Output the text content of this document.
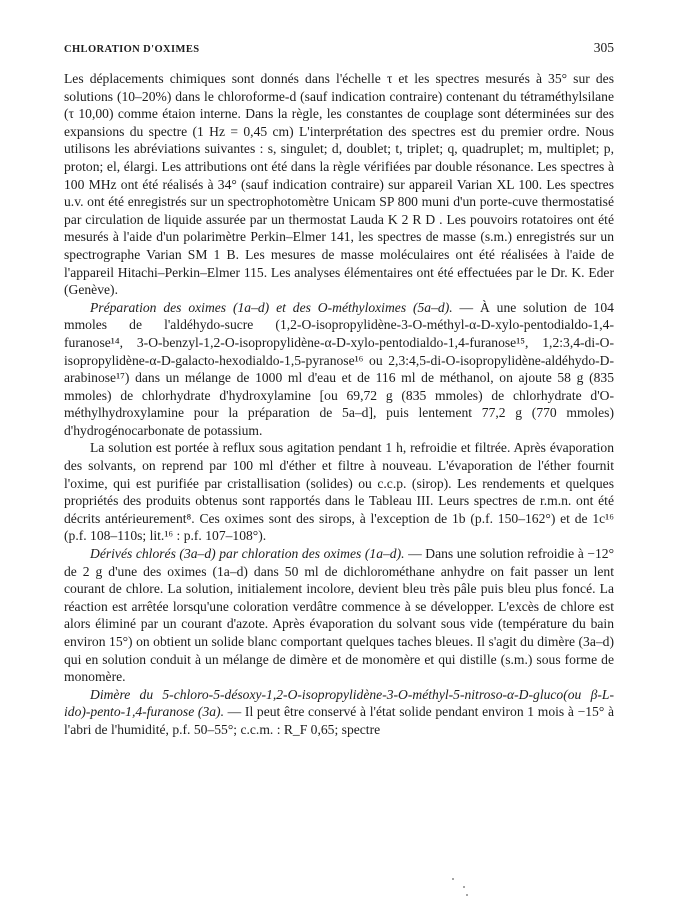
CHLORATION D'OXIMES	305

Les déplacements chimiques sont donnés dans l'échelle τ et les spectres mesurés à 35° sur des solutions (10–20%) dans le chloroforme-d (sauf indication contraire) contenant du tétraméthylsilane (τ 10,00) comme étaion interne. Dans la règle, les constantes de couplage sont déterminées sur des expansions du spectre (1 Hz = 0,45 cm) L'interprétation des spectres est du premier ordre. Nous utilisons les abréviations suivantes : s, singulet; d, doublet; t, triplet; q, quadruplet; m, multiplet; p, proton; el, élargi. Les attributions ont été dans la règle vérifiées par double résonance. Les spectres à 100 MHz ont été réalisés à 34° (sauf indication contraire) sur appareil Varian XL 100. Les spectres u.v. ont été enregistrés sur un spectrophotomètre Unicam SP 800 muni d'un porte-cuve thermostatisé par circulation de liquide assurée par un thermostat Lauda K 2 R D . Les pouvoirs rotatoires ont été mesurés à l'aide d'un polarimètre Perkin–Elmer 141, les spectres de masse (s.m.) enregistrés sur un spectrographe Varian SM 1 B. Les mesures de masse moléculaires ont été réalisées à l'aide de l'appareil Hitachi–Perkin–Elmer 115. Les analyses élémentaires ont été effectuées par le Dr. K. Eder (Genève).

Préparation des oximes (1a–d) et des O-méthyloximes (5a–d). — À une solution de 104 mmoles de l'aldéhydo-sucre (1,2-O-isopropylidène-3-O-méthyl-α-D-xylo-pentodialdo-1,4-furanose¹⁴, 3-O-benzyl-1,2-O-isopropylidène-α-D-xylo-pentodialdo-1,4-furanose¹⁵, 1,2:3,4-di-O-isopropylidène-α-D-galacto-hexodialdo-1,5-pyranose¹⁶ ou 2,3:4,5-di-O-isopropylidène-aldéhydo-D-arabinose¹⁷) dans un mélange de 1000 ml d'eau et de 116 ml de méthanol, on ajoute 58 g (835 mmoles) de chlorhydrate d'hydroxylamine [ou 69,72 g (835 mmoles) de chlorhydrate d'O-méthylhydroxylamine pour la préparation de 5a–d], puis lentement 77,2 g (770 mmoles) d'hydrogénocarbonate de potassium.

La solution est portée à reflux sous agitation pendant 1 h, refroidie et filtrée. Après évaporation des solvants, on reprend par 100 ml d'éther et filtre à nouveau. L'évaporation de l'éther fournit l'oxime, qui est purifiée par cristallisation (solides) ou c.c.p. (sirop). Les rendements et quelques propriétés des produits obtenus sont rapportés dans le Tableau III. Leurs spectres de r.m.n. ont été décrits antérieurement⁸. Ces oximes sont des sirops, à l'exception de 1b (p.f. 150–162°) et de 1c¹⁶ (p.f. 108–110s; lit.¹⁶ : p.f. 107–108°).

Dérivés chlorés (3a–d) par chloration des oximes (1a–d). — Dans une solution refroidie à −12° de 2 g d'une des oximes (1a–d) dans 50 ml de dichlorométhane anhydre on fait passer un lent courant de chlore. La solution, initialement incolore, devient bleu très pâle puis bleu plus foncé. La réaction est arrêtée lorsqu'une coloration verdâtre commence à se développer. L'excès de chlore est alors éliminé par un courant d'azote. Après évaporation du solvant sous vide (température du bain environ 15°) on obtient un solide blanc comportant quelques taches bleues. Il s'agit du dimère (3a–d) qui en solution conduit à un mélange de dimère et de monomère et qui distille (s.m.) sous forme de monomère.

Dimère du 5-chloro-5-désoxy-1,2-O-isopropylidène-3-O-méthyl-5-nitroso-α-D-gluco(ou β-L-ido)-pento-1,4-furanose (3a). — Il peut être conservé à l'état solide pendant environ 1 mois à −15° à l'abri de l'humidité, p.f. 50–55°; c.c.m. : R_F 0,65; spectre
